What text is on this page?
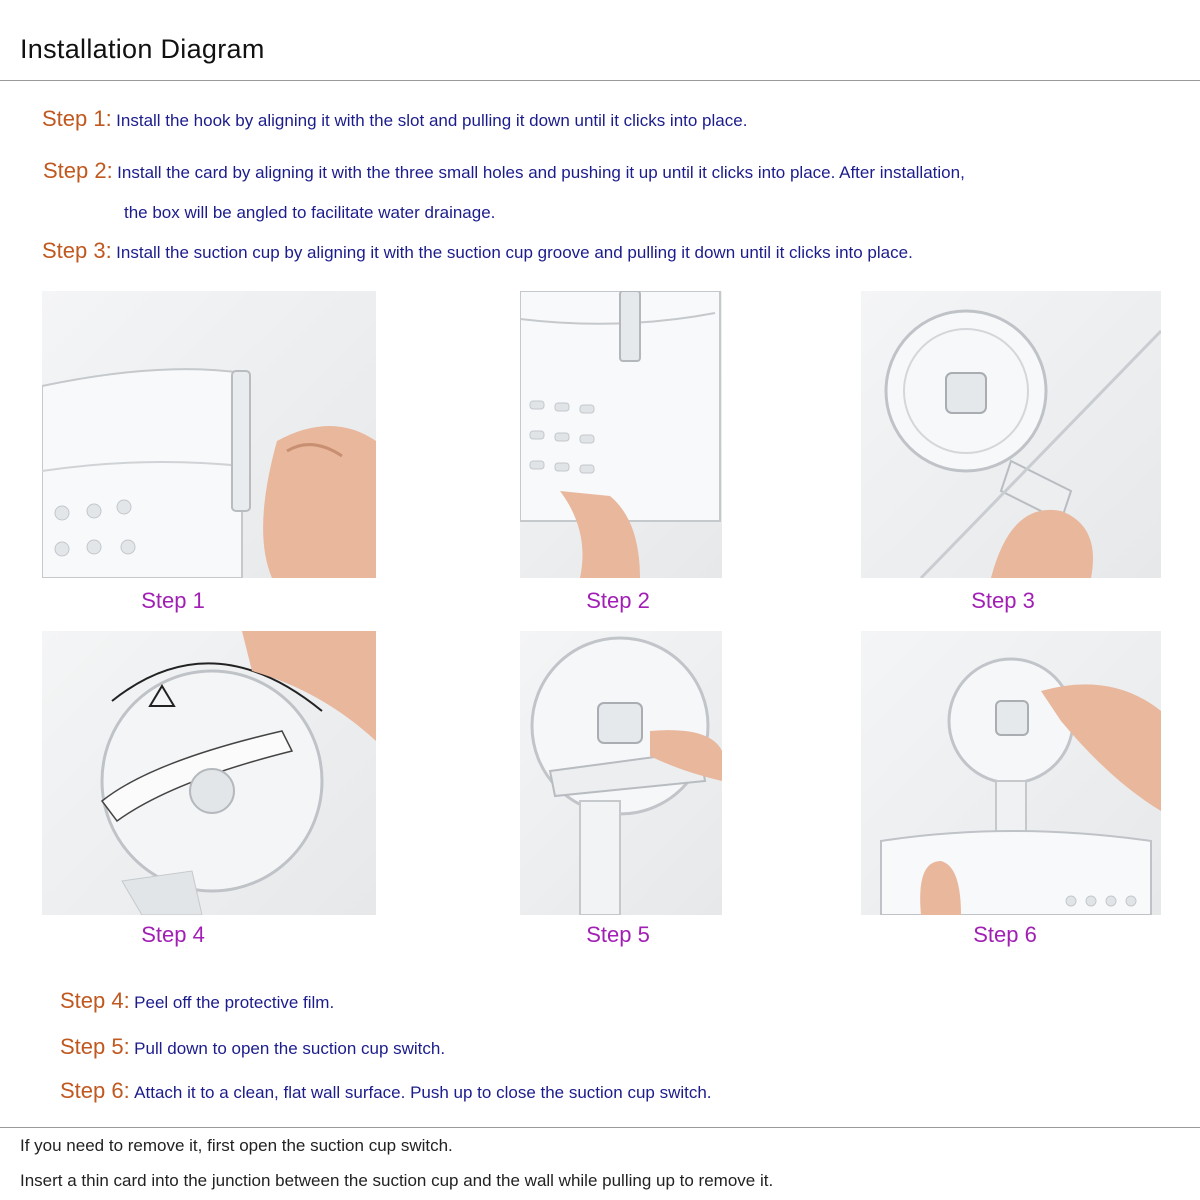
Installation Diagram
Step 1: Install the hook by aligning it with the slot and pulling it down until it clicks into place.
Step 2: Install the card by aligning it with the three small holes and pushing it up until it clicks into place. After installation,
the box will be angled to facilitate water drainage.
Step 3: Install the suction cup by aligning it with the suction cup groove and pulling it down until it clicks into place.
Step 1	Step 2	Step 3
Step 4	Step 5	Step 6
Step 4: Peel off the protective film.
Step 5: Pull down to open the suction cup switch.
Step 6: Attach it to a clean, flat wall surface. Push up to close the suction cup switch.
If you need to remove it, first open the suction cup switch.
Insert a thin card into the junction between the suction cup and the wall while pulling up to remove it.
